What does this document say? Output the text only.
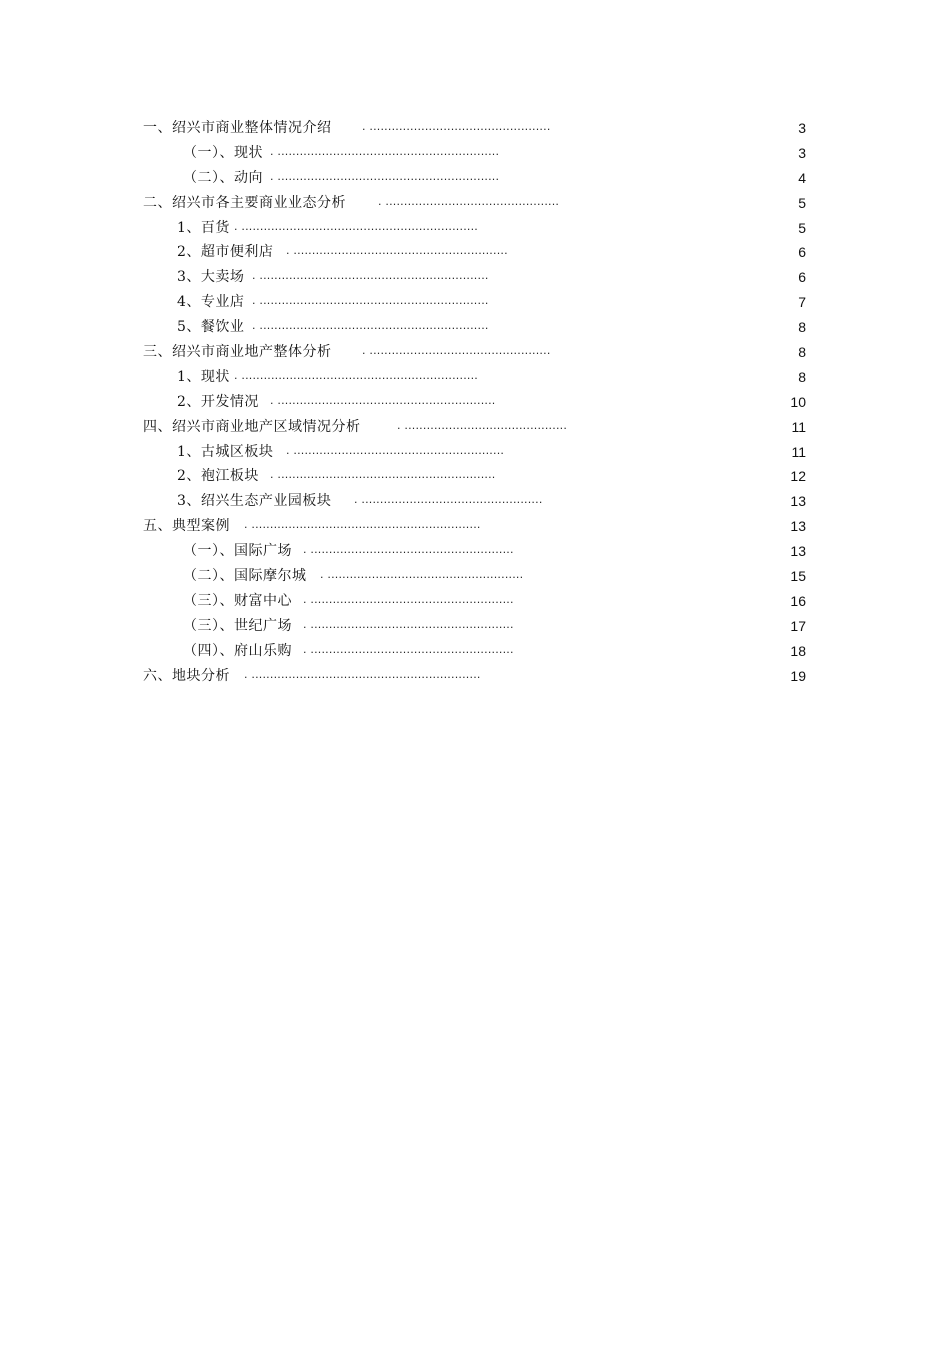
一、绍兴市商业整体情况介绍	. .................................................	3
（一）、现状 . ............................................................	3
（二）、动向 . ............................................................	4
二、绍兴市各主要商业业态分析	. ...............................................	5
1、百货 . ................................................................	5
2、超市便利店 . ..........................................................	6
3、大卖场 . ..............................................................	6
4、专业店 . ..............................................................	7
5、餐饮业 . ..............................................................	8
三、绍兴市商业地产整体分析	. .................................................	8
1、现状 . ................................................................	8
2、开发情况 . ...........................................................	10
四、绍兴市商业地产区域情况分析	. ............................................	11
1、古城区板块 . .........................................................	11
2、袍江板块 . ...........................................................	12
3、绍兴生态产业园板块 . .................................................	13
五、典型案例 . ..............................................................	13
（一）、国际广场 . .......................................................	13
（二）、国际摩尔城 . .....................................................	15
（三）、财富中心 . .......................................................	16
（三）、世纪广场 . .......................................................	17
（四）、府山乐购 . .......................................................	18
六、地块分析 . ..............................................................	19
